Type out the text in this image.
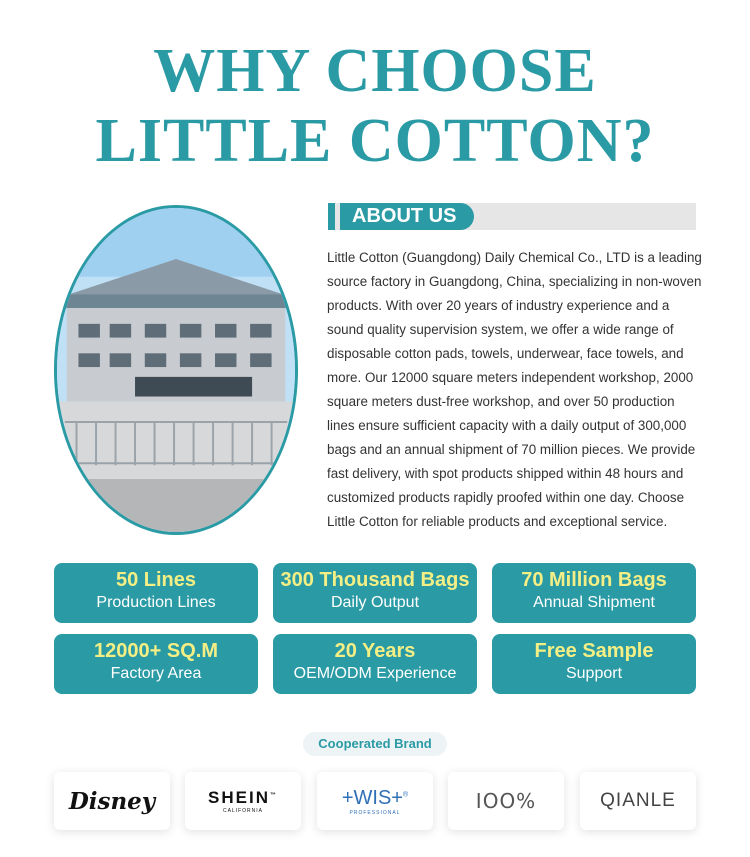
WHY CHOOSE
LITTLE COTTON?
ABOUT US
Little Cotton (Guangdong) Daily Chemical Co., LTD is a leading
source factory in Guangdong, China, specializing in non-woven
products. With over 20 years of industry experience and a
sound quality supervision system, we offer a wide range of
disposable cotton pads, towels, underwear, face towels, and
more. Our 12000 square meters independent workshop, 2000
square meters dust-free workshop, and over 50 production
lines ensure sufficient capacity with a daily output of 300,000
bags and an annual shipment of 70 million pieces. We provide
fast delivery, with spot products shipped within 48 hours and
customized products rapidly proofed within one day. Choose
Little Cotton for reliable products and exceptional service.
50 Lines
Production Lines
300 Thousand Bags
Daily Output
70 Million Bags
Annual Shipment
12000+ SQ.M
Factory Area
20 Years
OEM/ODM Experience
Free Sample
Support
Cooperated Brand
Disney	SHEIN™
CALIFORNIA
+WIS+®
PROFESSIONAL	IOO%	QIANLE
